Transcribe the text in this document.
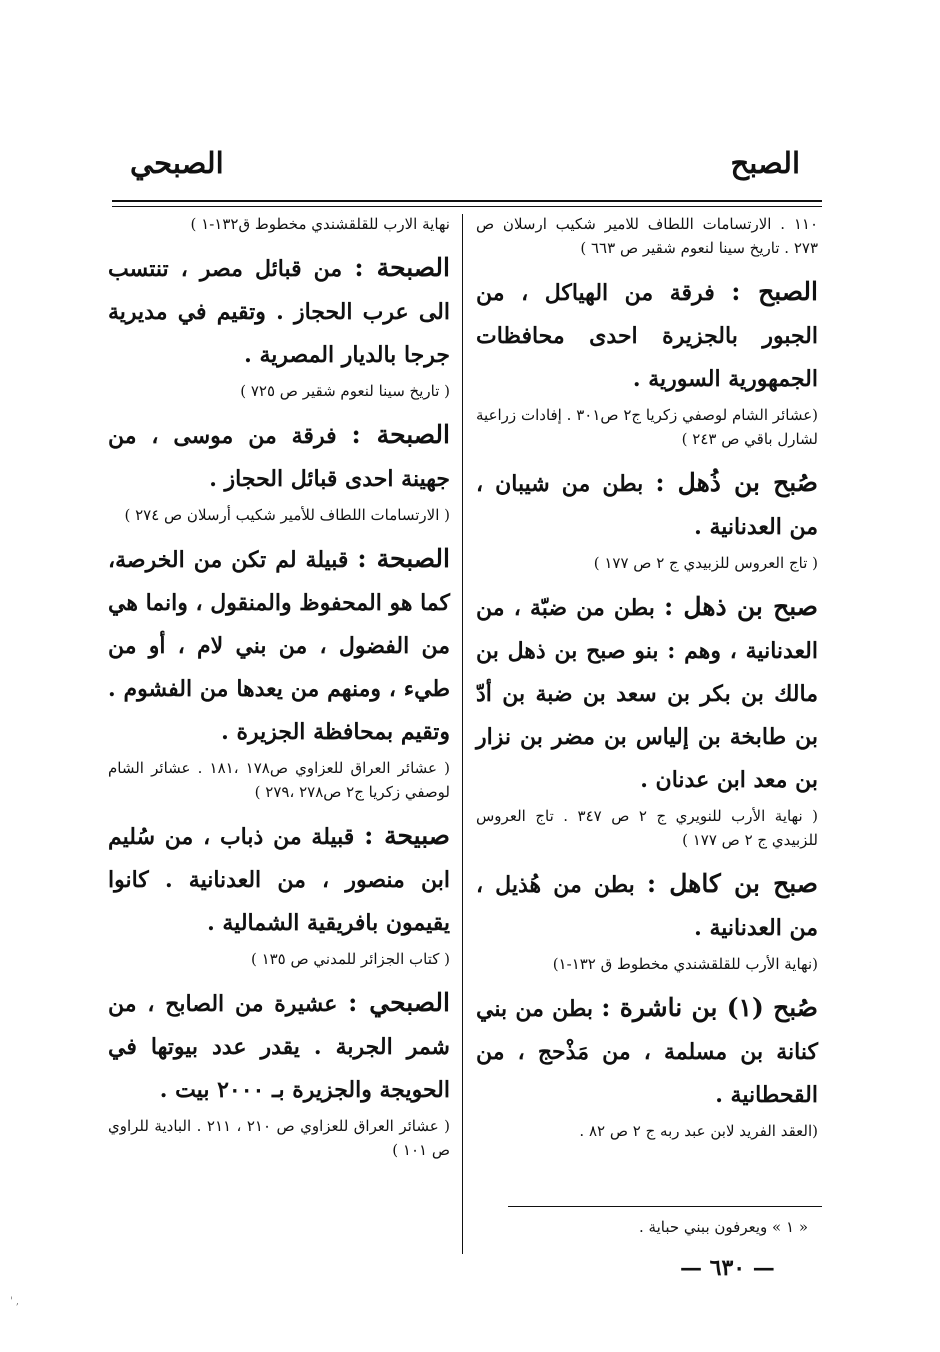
الصبح
الصبحي
١١٠ . الارتسامات اللطاف للامير شكيب ارسلان ص ٢٧٣ . تاريخ سينا لنعوم شقير ص ٦٦٣ )
الصبح : فرقة من الهياكل ، من الجبور بالجزيرة احدى محافظات الجمهورية السورية .
(عشائر الشام لوصفي زكريا ج٢ ص٣٠١ . إفادات زراعية لشارل باقي ص ٢٤٣ )
صُبح بن ذُهل : بطن من شيبان ، من العدنانية .
( تاج العروس للزبيدي ج ٢ ص ١٧٧ )
صبح بن ذهل : بطن من ضبّة ، من العدنانية ، وهم : بنو صبح بن ذهل بن مالك بن بكر بن سعد بن ضبة بن أدّ بن طابخة بن إلياس بن مضر بن نزار بن معد ابن عدنان .
( نهاية الأرب للنويري ج ٢ ص ٣٤٧ . تاج العروس للزبيدي ج ٢ ص ١٧٧ )
صبح بن كاهل : بطن من هُذيل ، من العدنانية .
(نهاية الأرب للقلقشندي مخطوط ق ١٣٢-١)
صُبح (١) بن ناشرة : بطن من بني كنانة بن مسلمة ، من مَذْحج ، من القحطانية .
(العقد الفريد لابن عبد ربه ج ٢ ص ٨٢ .
نهاية الارب للقلقشندي مخطوط ق١٣٢-١ )
الصبحة : من قبائل مصر ، تنتسب الى عرب الحجاز . وتقيم في مديرية جرجا بالديار المصرية .
( تاريخ سينا لنعوم شقير ص ٧٢٥ )
الصبحة : فرقة من موسى ، من جهينة احدى قبائل الحجاز .
( الارتسامات اللطاف للأمير شكيب أرسلان ص ٢٧٤ )
الصبحة : قبيلة لم تكن من الخرصة، كما هو المحفوظ والمنقول ، وانما هي من الفضول ، من بني لام ، أو من طيء ، ومنهم من يعدها من الفشوم . وتقيم بمحافظة الجزيرة .
( عشائر العراق للعزاوي ص١٧٨ ،١٨١ . عشائر الشام لوصفي زكريا ج٢ ص٢٧٨ ،٢٧٩ )
صبيحة : قبيلة من ذباب ، من سُليم ابن منصور ، من العدنانية . كانوا يقيمون بافريقية الشمالية .
( كتاب الجزائر للمدني ص ١٣٥ )
الصبحي : عشيرة من الصابح ، من شمر الجربة . يقدر عدد بيوتها في الحويجة والجزيرة بـ ٢٠٠٠ بيت .
( عشائر العراق للعزاوي ص ٢١٠ ، ٢١١ . البادية للراوي ص ١٠١ )
« ١ » ويعرفون ببني حباية .
— ٦٣٠ —
' ,
